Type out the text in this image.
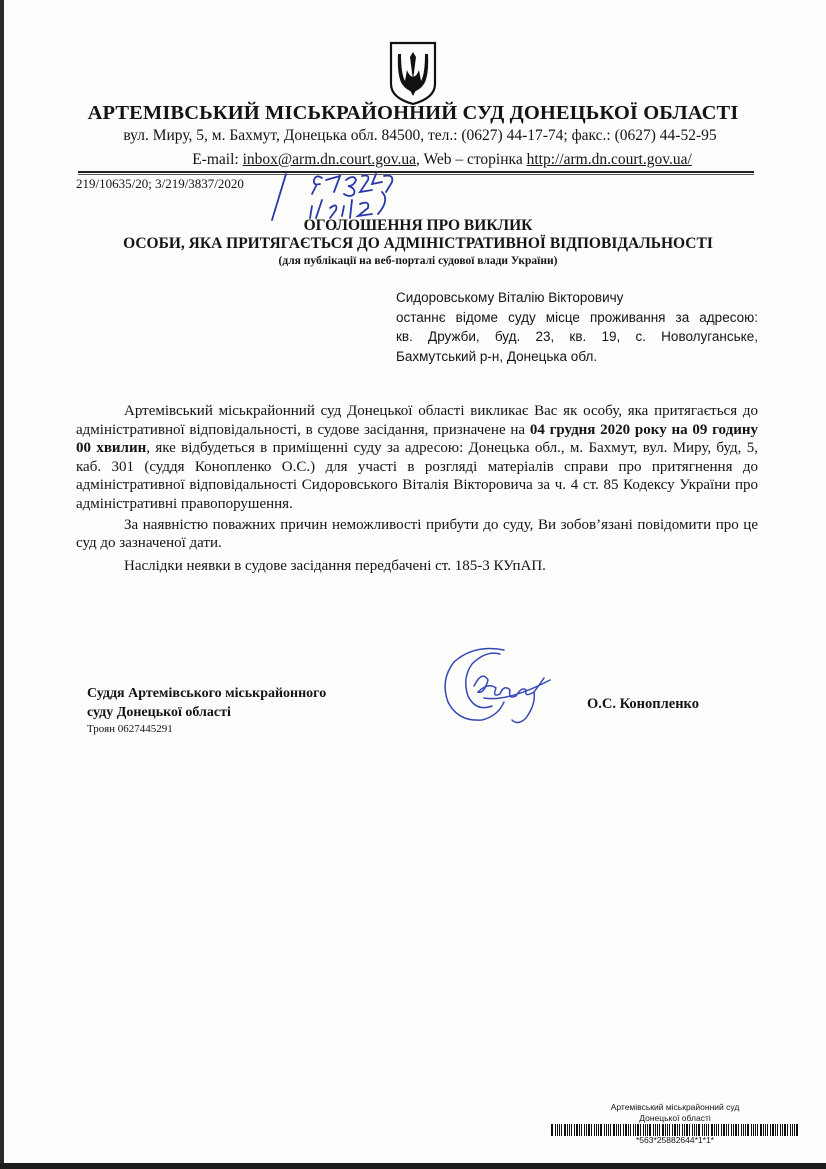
АРТЕМІВСЬКИЙ МІСЬКРАЙОННИЙ СУД ДОНЕЦЬКОЇ ОБЛАСТІ
вул. Миру, 5, м. Бахмут, Донецька обл. 84500, тел.: (0627) 44-17-74; факс.: (0627) 44-52-95
E-mail: inbox@arm.dn.court.gov.ua, Web – сторінка http://arm.dn.court.gov.ua/
219/10635/20; 3/219/3837/2020
ОГОЛОШЕННЯ ПРО ВИКЛИК
ОСОБИ, ЯКА ПРИТЯГАЄТЬСЯ ДО АДМІНІСТРАТИВНОЇ ВІДПОВІДАЛЬНОСТІ
(для публікації на веб-порталі судової влади України)
Сидоровському Віталію Вікторовичу
останнє відоме суду місце проживання за адресою:
кв. Дружби, буд. 23, кв. 19, с. Новолуганське,
Бахмутський р-н, Донецька обл.

Артемівський міськрайонний суд Донецької області викликає Вас як особу, яка притягається до адміністративної відповідальності, в судове засідання, призначене на 04 грудня 2020 року на 09 годину 00 хвилин, яке відбудеться в приміщенні суду за адресою: Донецька обл., м. Бахмут, вул. Миру, буд, 5, каб. 301 (суддя Конопленко О.С.) для участі в розгляді матеріалів справи про притягнення до адміністративної відповідальності Сидоровського Віталія Вікторовича за ч. 4 ст. 85 Кодексу України про адміністративні правопорушення.

За наявністю поважних причин неможливості прибути до суду, Ви зобов’язані повідомити про це суд до зазначеної дати.

Наслідки неявки в судове засідання передбачені ст. 185-3 КУпАП.

Суддя Артемівського міськрайонного
суду Донецької області
Троян 0627445291
О.С. Конопленко
Артемівський міськрайонний суд
Донецької області
*563*25882644*1*1*
